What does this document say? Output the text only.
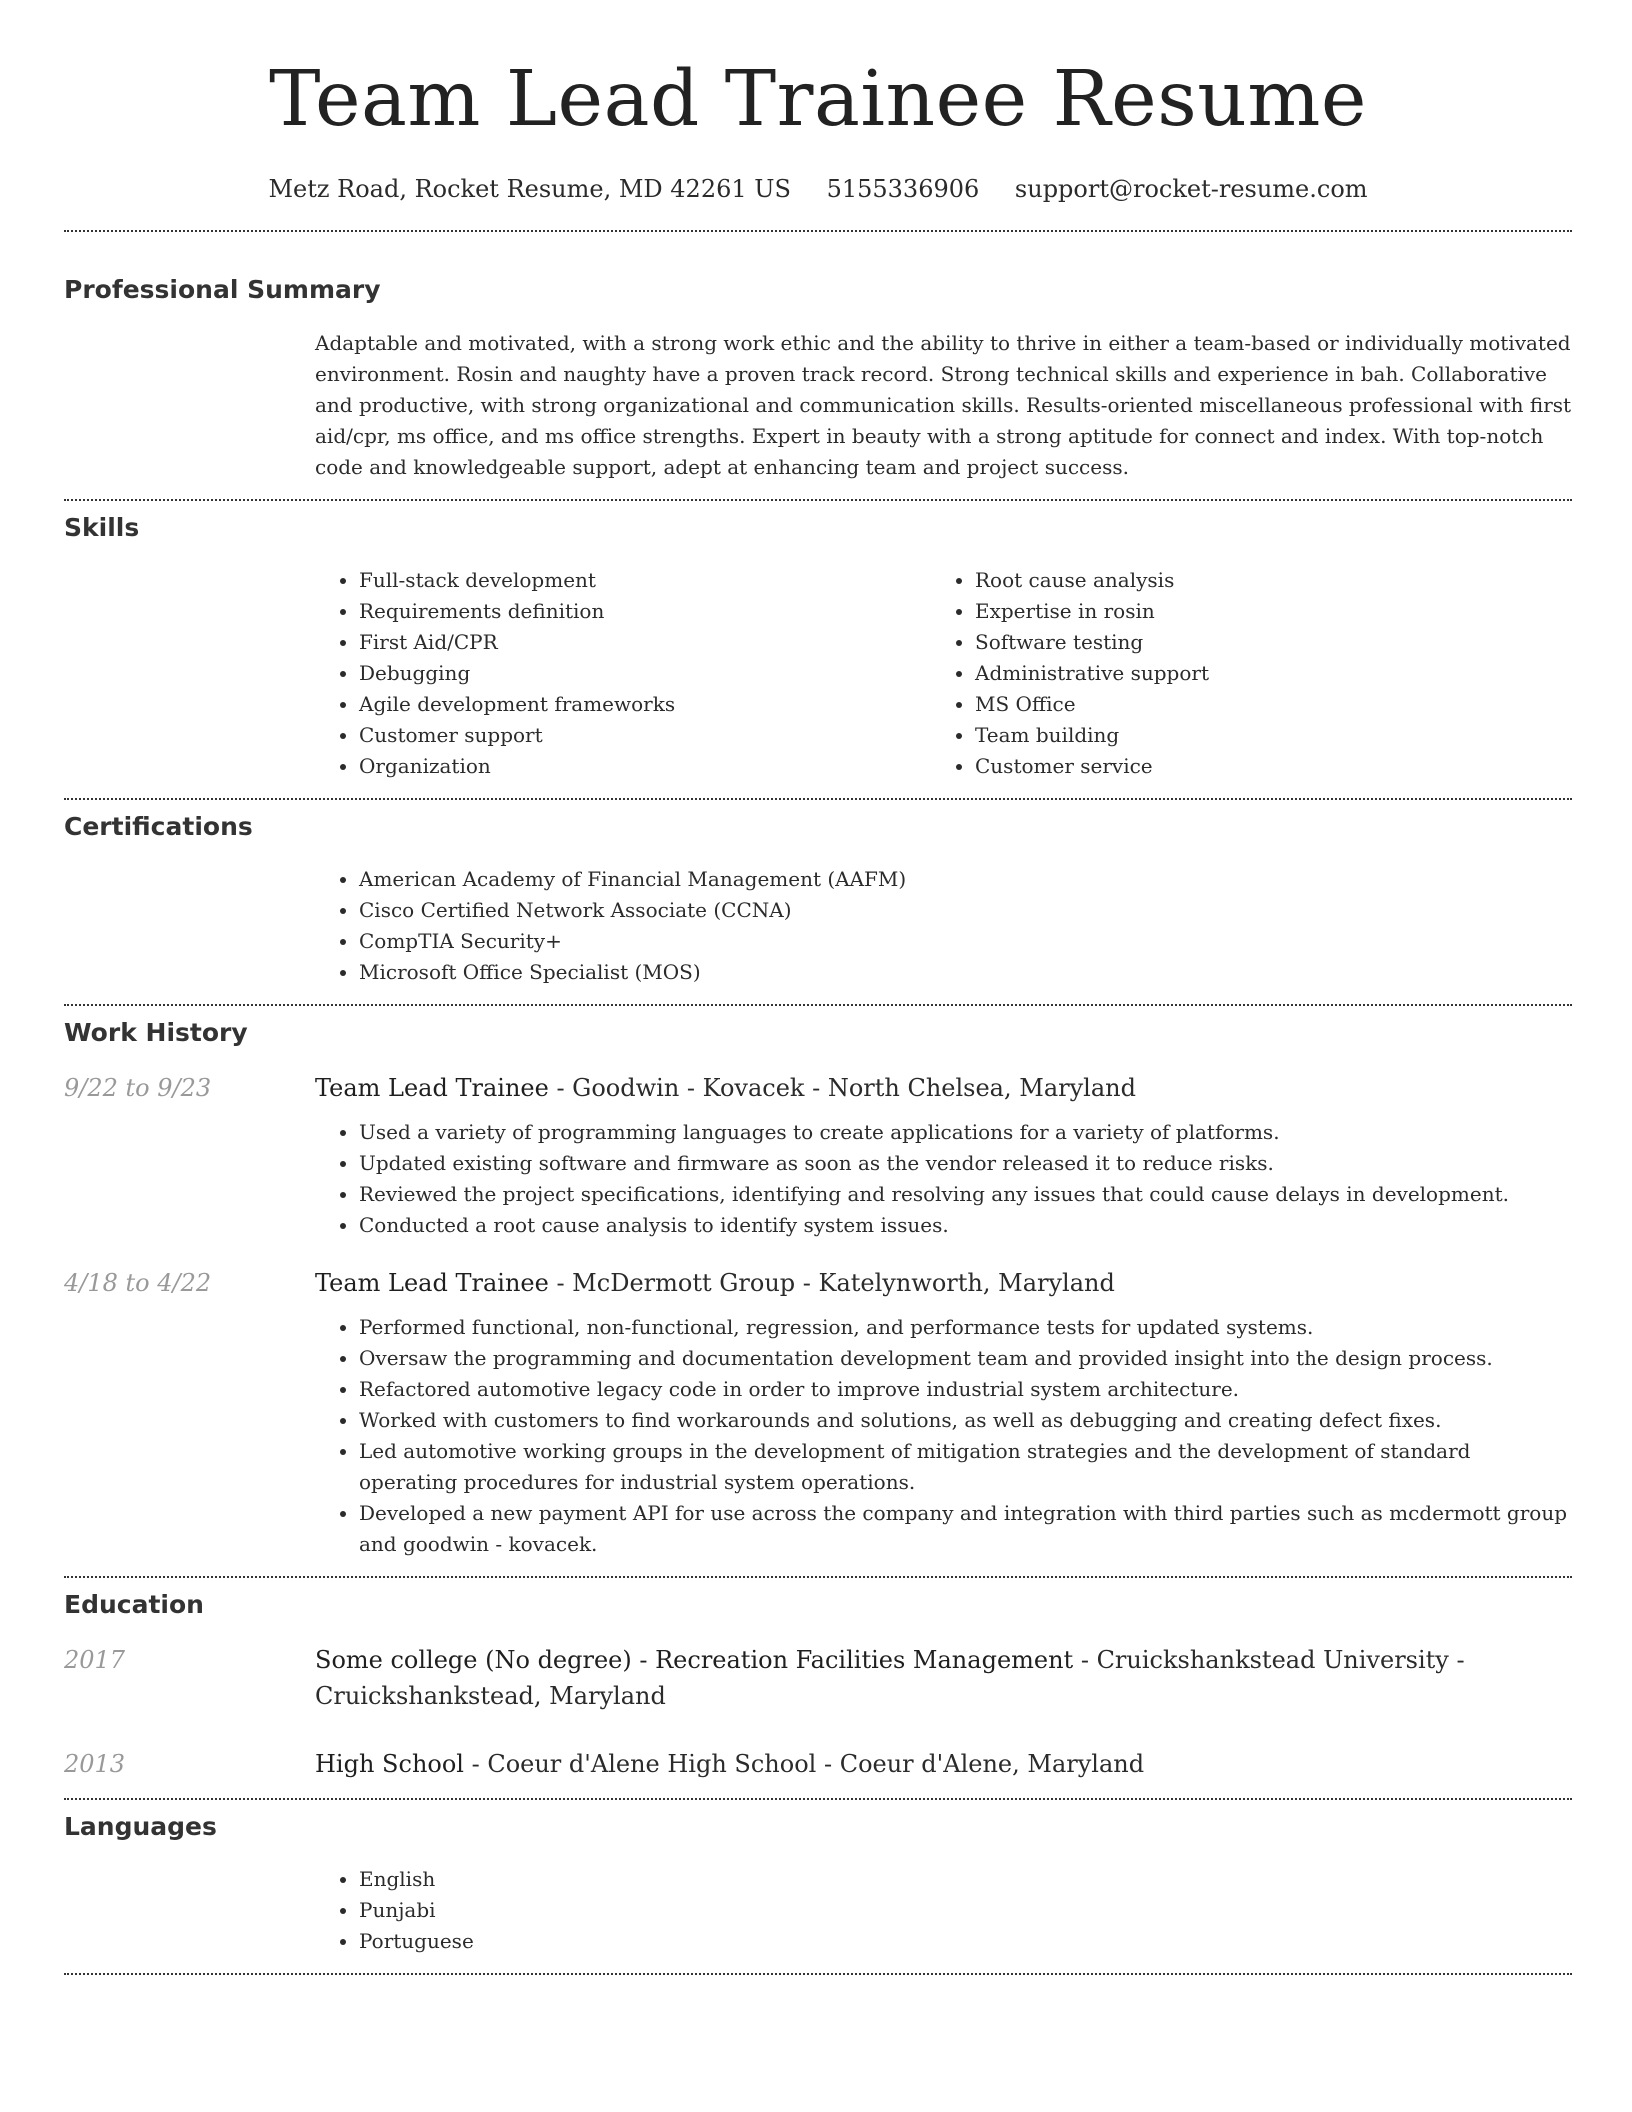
Team Lead Trainee Resume
Metz Road, Rocket Resume, MD 42261 US 5155336906 support@rocket-resume.com
Professional Summary

Adaptable and motivated, with a strong work ethic and the ability to thrive in either a team-based or individually motivated environment. Rosin and naughty have a proven track record. Strong technical skills and experience in bah. Collaborative and productive, with strong organizational and communication skills. Results-oriented miscellaneous professional with first aid/cpr, ms office, and ms office strengths. Expert in beauty with a strong aptitude for connect and index. With top-notch code and knowledgeable support, adept at enhancing team and project success.

Skills
• Full-stack development
• Requirements definition
• First Aid/CPR
• Debugging
• Agile development frameworks
• Customer support
• Organization
• Root cause analysis
• Expertise in rosin
• Software testing
• Administrative support
• MS Office
• Team building
• Customer service
Certifications
• American Academy of Financial Management (AAFM)
• Cisco Certified Network Associate (CCNA)
• CompTIA Security+
• Microsoft Office Specialist (MOS)
Work History
9/22 to 9/23	Team Lead Trainee - Goodwin - Kovacek - North Chelsea, Maryland
• Used a variety of programming languages to create applications for a variety of platforms.
• Updated existing software and firmware as soon as the vendor released it to reduce risks.
• Reviewed the project specifications, identifying and resolving any issues that could cause delays in development.
• Conducted a root cause analysis to identify system issues.
4/18 to 4/22	Team Lead Trainee - McDermott Group - Katelynworth, Maryland
• Performed functional, non-functional, regression, and performance tests for updated systems.
• Oversaw the programming and documentation development team and provided insight into the design process.
• Refactored automotive legacy code in order to improve industrial system architecture.
• Worked with customers to find workarounds and solutions, as well as debugging and creating defect fixes.
• Led automotive working groups in the development of mitigation strategies and the development of standard operating procedures for industrial system operations.
• Developed a new payment API for use across the company and integration with third parties such as mcdermott group and goodwin - kovacek.
Education
2017	Some college (No degree) - Recreation Facilities Management - Cruickshankstead University - Cruickshankstead, Maryland
2013	High School - Coeur d'Alene High School - Coeur d'Alene, Maryland
Languages
• English
• Punjabi
• Portuguese
